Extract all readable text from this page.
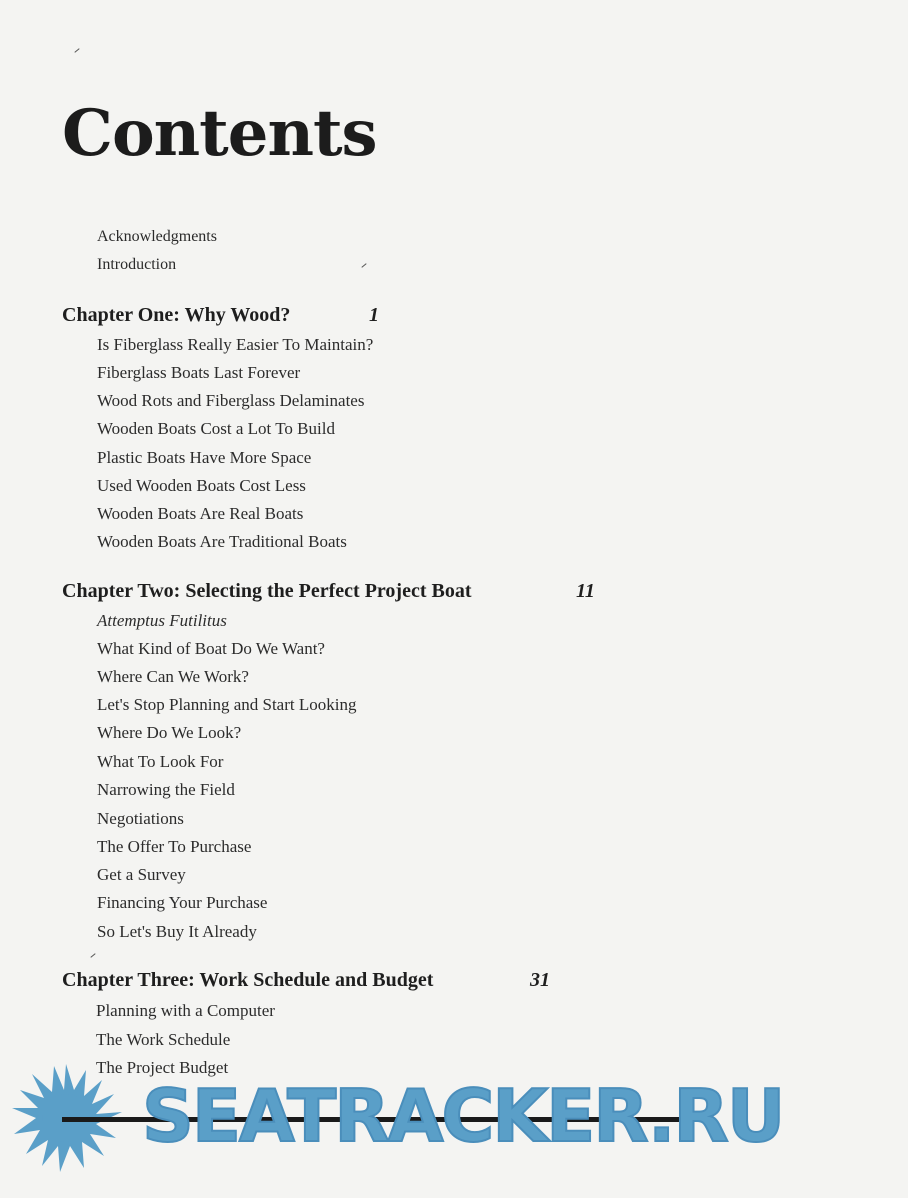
Contents
Acknowledgments
Introduction
Chapter One: Why Wood?	1
Is Fiberglass Really Easier To Maintain?
Fiberglass Boats Last Forever
Wood Rots and Fiberglass Delaminates
Wooden Boats Cost a Lot To Build
Plastic Boats Have More Space
Used Wooden Boats Cost Less
Wooden Boats Are Real Boats
Wooden Boats Are Traditional Boats
Chapter Two: Selecting the Perfect Project Boat	11
Attemptus Futilitus
What Kind of Boat Do We Want?
Where Can We Work?
Let's Stop Planning and Start Looking
Where Do We Look?
What To Look For
Narrowing the Field
Negotiations
The Offer To Purchase
Get a Survey
Financing Your Purchase
So Let's Buy It Already
Chapter Three: Work Schedule and Budget	31
Planning with a Computer
The Work Schedule
The Project Budget
SEATRACKER.RU
